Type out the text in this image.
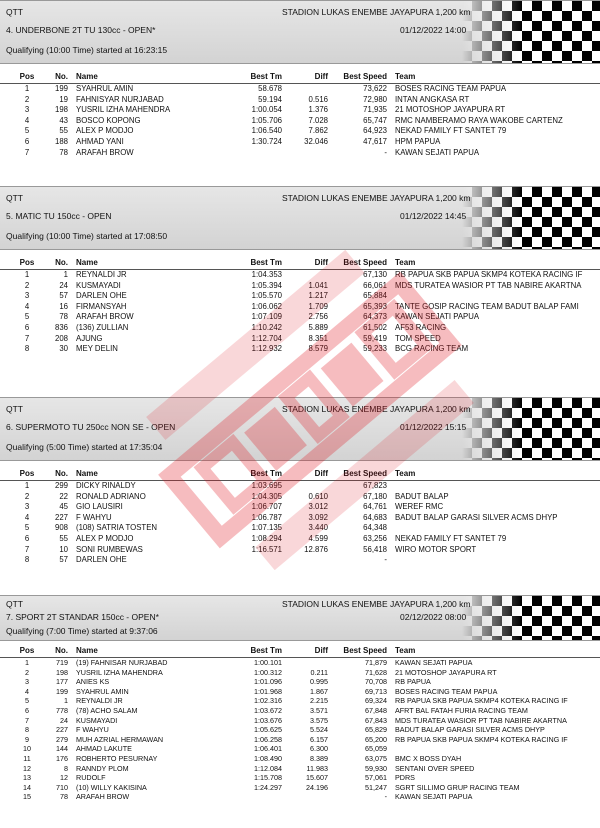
QTT	STADION LUKAS ENEMBE JAYAPURA 1,200 km
4. UNDERBONE 2T TU 130cc - OPEN*	01/12/2022 14:00
Qualifying (10:00 Time) started at 16:23:15
Pos	No. Name	Best Tm	Diff	Best Speed Team
1	199 SYAHRUL AMIN	58.678	73,622 BOSES RACING TEAM PAPUA
2	19 FAHNISYAR NURJABAD	59.194	0.516	72,980 INTAN ANGKASA RT
3	198 YUSRIL IZHA MAHENDRA	1:00.054	1.376	71,935 21 MOTOSHOP JAYAPURA RT
4	43 BOSCO KOPONG	1:05.706	7.028	65,747 RMC NAMBERAMO RAYA WAKOBE CARTENZ
5	55 ALEX P MODJO	1:06.540	7.862	64,923 NEKAD FAMILY FT SANTET 79
6	188 AHMAD YANI	1:30.724	32.046	47,617 HPM PAPUA
7	78 ARAFAH BROW	- KAWAN SEJATI PAPUA
QTT	STADION LUKAS ENEMBE JAYAPURA 1,200 km
5. MATIC TU 150cc - OPEN	01/12/2022 14:45
Qualifying (10:00 Time) started at 17:08:50
Pos	No. Name	Best Tm	Diff	Best Speed Team
1	1 REYNALDI JR	1:04.353	67,130 RB PAPUA SKB PAPUA SKMP4 KOTEKA RACING IF
2	24 KUSMAYADI	1:05.394	1.041	66,061 MDS TURATEA WASIOR PT TAB NABIRE AKARTNA
3	57 DARLEN OHE	1:05.570	1.217	65,884
4	16 FIRMANSYAH	1:06.062	1.709	65,393 TANTE GOSIP RACING TEAM BADUT BALAP FAMI
5	78 ARAFAH BROW	1:07.109	2.756	64,373 KAWAN SEJATI PAPUA
6	836 (136) ZULLIAN	1:10.242	5.889	61,502 AF53 RACING
7	208 AJUNG	1:12.704	8.351	59,419 TOM SPEED
8	30 MEY DELIN	1:12.932	8.579	59,233 BCG RACING TEAM
QTT	STADION LUKAS ENEMBE JAYAPURA 1,200 km
6. SUPERMOTO TU 250cc NON SE - OPEN	01/12/2022 15:15
Qualifying (5:00 Time) started at 17:35:04
Pos	No. Name	Best Tm	Diff	Best Speed Team
1	299 DICKY RINALDY	1:03.695	67,823
2	22 RONALD ADRIANO	1:04.305	0.610	67,180 BADUT BALAP
3	45 GIO LAUSIRI	1:06.707	3.012	64,761 WEREF RMC
4	227 F WAHYU	1:06.787	3.092	64,683 BADUT BALAP GARASI SILVER ACMS DHYP
5	908 (108) SATRIA TOSTEN	1:07.135	3.440	64,348
6	55 ALEX P MODJO	1:08.294	4.599	63,256 NEKAD FAMILY FT SANTET 79
7	10 SONI RUMBEWAS	1:16.571	12.876	56,418 WIRO MOTOR SPORT
8	57 DARLEN OHE	-
QTT	STADION LUKAS ENEMBE JAYAPURA 1,200 km
7. SPORT 2T STANDAR 150cc - OPEN*	02/12/2022 08:00
Qualifying (7:00 Time) started at 9:37:06
Pos	No. Name	Best Tm	Diff	Best Speed Team
1	719 (19) FAHNISAR NURJABAD	1:00.101	71,879 KAWAN SEJATI PAPUA
2	198 YUSRIL IZHA MAHENDRA	1:00.312	0.211	71,628 21 MOTOSHOP JAYAPURA RT
3	177 ANIES KS	1:01.096	0.995	70,708 RB PAPUA
4	199 SYAHRUL AMIN	1:01.968	1.867	69,713 BOSES RACING TEAM PAPUA
5	1 REYNALDI JR	1:02.316	2.215	69,324 RB PAPUA SKB PAPUA SKMP4 KOTEKA RACING IF
6	778 (78) ACHO SALAM	1:03.672	3.571	67,848 AFRT BAL FATAH FURIA RACING TEAM
7	24 KUSMAYADI	1:03.676	3.575	67,843 MDS TURATEA WASIOR PT TAB NABIRE AKARTNA
8	227 F WAHYU	1:05.625	5.524	65,829 BADUT BALAP GARASI SILVER ACMS DHYP
9	279 MUH AZRIAL HERMAWAN	1:06.258	6.157	65,200 RB PAPUA SKB PAPUA SKMP4 KOTEKA RACING IF
10	144 AHMAD LAKUTE	1:06.401	6.300	65,059
11	176 ROBHERTO PESURNAY	1:08.490	8.389	63,075 BMC X BOSS DYAH
12	8 RANNDY PLOM	1:12.084	11.983	59,930 SENTANI OVER SPEED
13	12 RUDOLF	1:15.708	15.607	57,061 PDRS
14	710 (10) WILLY KAKISINA	1:24.297	24.196	51,247 SGRT SILLIMO GRUP RACING TEAM
15	78 ARAFAH BROW	- KAWAN SEJATI PAPUA
